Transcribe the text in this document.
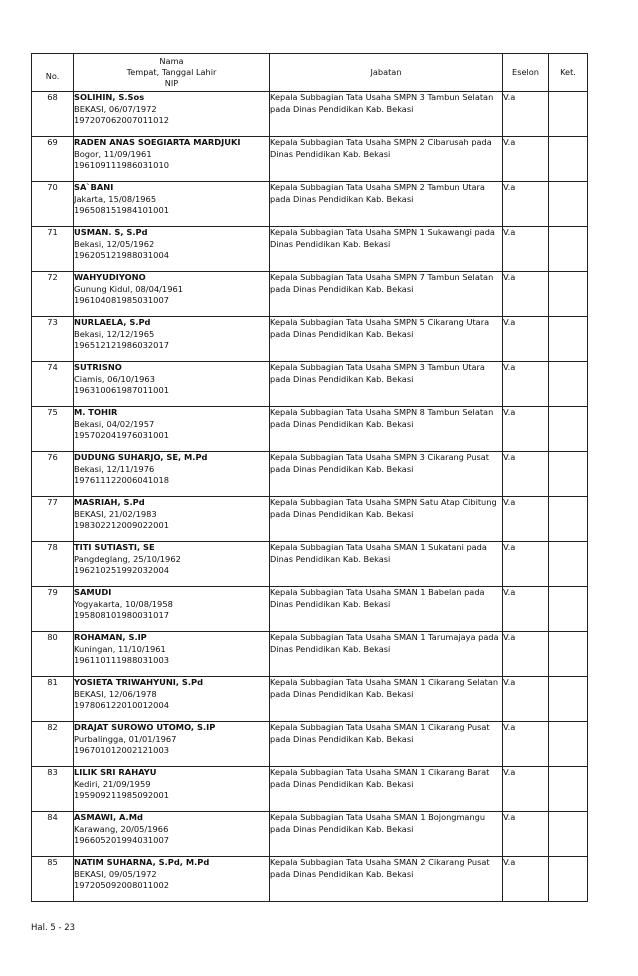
No.	Nama
Tempat, Tanggal Lahir
NIP	Jabatan	Eselon	Ket.
68	SOLIHIN, S.Sos
BEKASI, 06/07/1972
197207062007011012	Kepala Subbagian Tata Usaha SMPN 3 Tambun Selatan pada Dinas Pendidikan Kab. Bekasi	V.a	
69	RADEN ANAS SOEGIARTA MARDJUKI
Bogor, 11/09/1961
196109111986031010	Kepala Subbagian Tata Usaha SMPN 2 Cibarusah pada Dinas Pendidikan Kab. Bekasi	V.a	
70	SA`BANI
Jakarta, 15/08/1965
196508151984101001	Kepala Subbagian Tata Usaha SMPN 2 Tambun Utara pada Dinas Pendidikan Kab. Bekasi	V.a	
71	USMAN. S, S.Pd
Bekasi, 12/05/1962
196205121988031004	Kepala Subbagian Tata Usaha SMPN 1 Sukawangi pada Dinas Pendidikan Kab. Bekasi	V.a	
72	WAHYUDIYONO
Gunung Kidul, 08/04/1961
196104081985031007	Kepala Subbagian Tata Usaha SMPN 7 Tambun Selatan pada Dinas Pendidikan Kab. Bekasi	V.a	
73	NURLAELA, S.Pd
Bekasi, 12/12/1965
196512121986032017	Kepala Subbagian Tata Usaha SMPN 5 Cikarang Utara pada Dinas Pendidikan Kab. Bekasi	V.a	
74	SUTRISNO
Ciamis, 06/10/1963
196310061987011001	Kepala Subbagian Tata Usaha SMPN 3 Tambun Utara pada Dinas Pendidikan Kab. Bekasi	V.a	
75	M. TOHIR
Bekasi, 04/02/1957
195702041976031001	Kepala Subbagian Tata Usaha SMPN 8 Tambun Selatan pada Dinas Pendidikan Kab. Bekasi	V.a	
76	DUDUNG SUHARJO, SE, M.Pd
Bekasi, 12/11/1976
197611122006041018	Kepala Subbagian Tata Usaha SMPN 3 Cikarang Pusat pada Dinas Pendidikan Kab. Bekasi	V.a	
77	MASRIAH, S.Pd
BEKASI, 21/02/1983
198302212009022001	Kepala Subbagian Tata Usaha SMPN Satu Atap Cibitung pada Dinas Pendidikan Kab. Bekasi	V.a	
78	TITI SUTIASTI, SE
Pangdeglang, 25/10/1962
196210251992032004	Kepala Subbagian Tata Usaha SMAN 1 Sukatani pada Dinas Pendidikan Kab. Bekasi	V.a	
79	SAMUDI
Yogyakarta, 10/08/1958
195808101980031017	Kepala Subbagian Tata Usaha SMAN 1 Babelan pada Dinas Pendidikan Kab. Bekasi	V.a	
80	ROHAMAN, S.IP
Kuningan, 11/10/1961
196110111988031003	Kepala Subbagian Tata Usaha SMAN 1 Tarumajaya pada Dinas Pendidikan Kab. Bekasi	V.a	
81	YOSIETA TRIWAHYUNI, S.Pd
BEKASI, 12/06/1978
197806122010012004	Kepala Subbagian Tata Usaha SMAN 1 Cikarang Selatan pada Dinas Pendidikan Kab. Bekasi	V.a	
82	DRAJAT SUROWO UTOMO, S.IP
Purbalingga, 01/01/1967
196701012002121003	Kepala Subbagian Tata Usaha SMAN 1 Cikarang Pusat pada Dinas Pendidikan Kab. Bekasi	V.a	
83	LILIK SRI RAHAYU
Kediri, 21/09/1959
195909211985092001	Kepala Subbagian Tata Usaha SMAN 1 Cikarang Barat pada Dinas Pendidikan Kab. Bekasi	V.a	
84	ASMAWI, A.Md
Karawang, 20/05/1966
196605201994031007	Kepala Subbagian Tata Usaha SMAN 1 Bojongmangu pada Dinas Pendidikan Kab. Bekasi	V.a	
85	NATIM SUHARNA, S.Pd, M.Pd
BEKASI, 09/05/1972
197205092008011002	Kepala Subbagian Tata Usaha SMAN 2 Cikarang Pusat pada Dinas Pendidikan Kab. Bekasi	V.a	
Hal. 5 - 23
